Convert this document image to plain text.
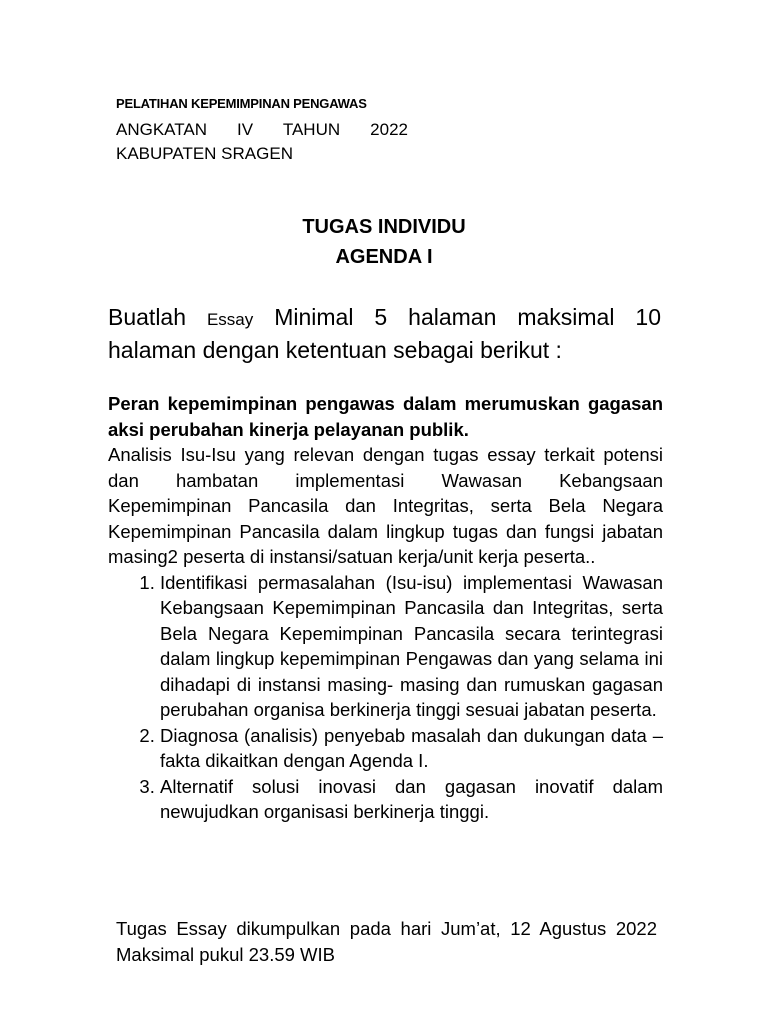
PELATIHAN KEPEMIMPINAN PENGAWAS
ANGKATAN IV TAHUN 2022
KABUPATEN SRAGEN
TUGAS INDIVIDU
AGENDA I
Buatlah Essay Minimal 5 halaman maksimal 10 halaman dengan ketentuan sebagai berikut :

Peran kepemimpinan pengawas dalam merumuskan gagasan aksi perubahan kinerja pelayanan publik.

Analisis Isu-Isu yang relevan dengan tugas essay terkait potensi dan hambatan implementasi Wawasan Kebangsaan Kepemimpinan Pancasila dan Integritas, serta Bela Negara Kepemimpinan Pancasila dalam lingkup tugas dan fungsi jabatan masing2 peserta di instansi/satuan kerja/unit kerja peserta..

1. Identifikasi permasalahan (Isu-isu) implementasi Wawasan Kebangsaan Kepemimpinan Pancasila dan Integritas, serta Bela Negara Kepemimpinan Pancasila secara terintegrasi dalam lingkup kepemimpinan Pengawas dan yang selama ini dihadapi di instansi masing- masing dan rumuskan gagasan perubahan organisa berkinerja tinggi sesuai jabatan peserta.
2. Diagnosa (analisis) penyebab masalah dan dukungan data – fakta dikaitkan dengan Agenda I.
3. Alternatif solusi inovasi dan gagasan inovatif dalam newujudkan organisasi berkinerja tinggi.
Tugas Essay dikumpulkan pada hari Jum’at, 12 Agustus 2022 Maksimal pukul 23.59 WIB
